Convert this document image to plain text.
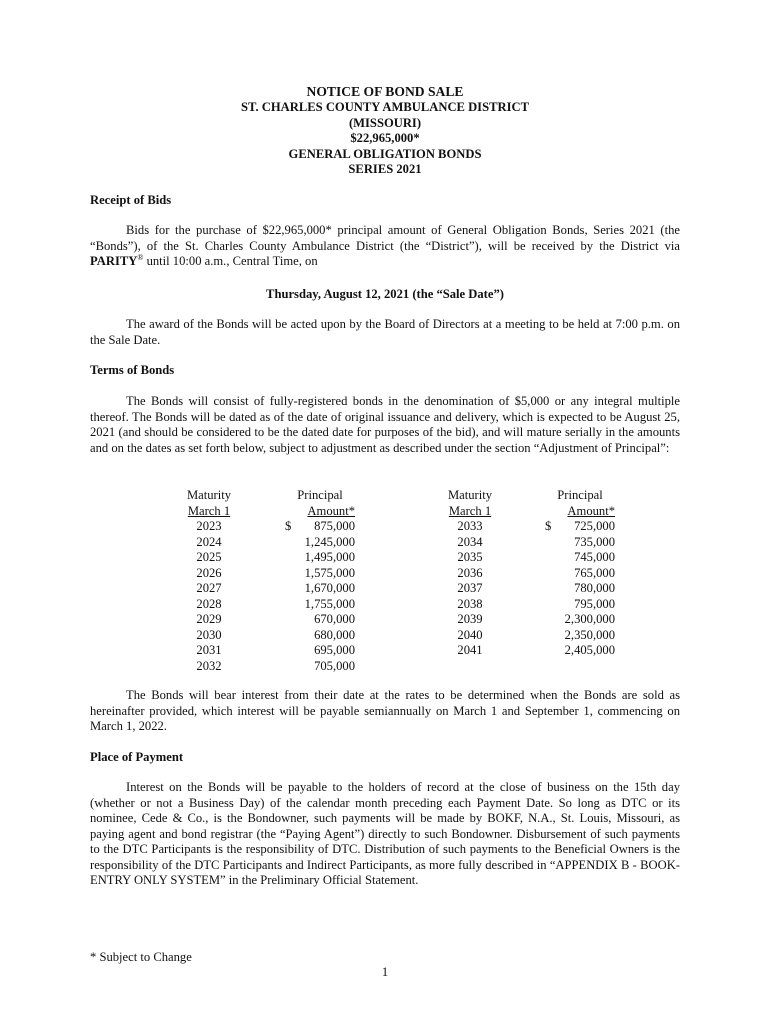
NOTICE OF BOND SALE
ST. CHARLES COUNTY AMBULANCE DISTRICT
(MISSOURI)
$22,965,000*
GENERAL OBLIGATION BONDS
SERIES 2021
Receipt of Bids
Bids for the purchase of $22,965,000* principal amount of General Obligation Bonds, Series 2021 (the “Bonds”), of the St. Charles County Ambulance District (the “District”), will be received by the District via PARITY® until 10:00 a.m., Central Time, on
Thursday, August 12, 2021 (the “Sale Date”)
The award of the Bonds will be acted upon by the Board of Directors at a meeting to be held at 7:00 p.m. on the Sale Date.
Terms of Bonds
The Bonds will consist of fully-registered bonds in the denomination of $5,000 or any integral multiple thereof. The Bonds will be dated as of the date of original issuance and delivery, which is expected to be August 25, 2021 (and should be considered to be the dated date for purposes of the bid), and will mature serially in the amounts and on the dates as set forth below, subject to adjustment as described under the section “Adjustment of Principal”:
Maturity		Principal
March 1		Amount*
2023		$ 875,000

2024		1,245,000
2025		1,495,000
2026		1,575,000
2027		1,670,000
2028		1,755,000
2029		670,000
2030		680,000
2031		695,000
2032		705,000
Maturity		Principal
March 1		Amount*
2033		$ 725,000

2034		735,000
2035		745,000
2036		765,000
2037		780,000
2038		795,000
2039		2,300,000
2040		2,350,000
2041		2,405,000
The Bonds will bear interest from their date at the rates to be determined when the Bonds are sold as hereinafter provided, which interest will be payable semiannually on March 1 and September 1, commencing on March 1, 2022.
Place of Payment
Interest on the Bonds will be payable to the holders of record at the close of business on the 15th day (whether or not a Business Day) of the calendar month preceding each Payment Date. So long as DTC or its nominee, Cede & Co., is the Bondowner, such payments will be made by BOKF, N.A., St. Louis, Missouri, as paying agent and bond registrar (the “Paying Agent”) directly to such Bondowner. Disbursement of such payments to the DTC Participants is the responsibility of DTC. Distribution of such payments to the Beneficial Owners is the responsibility of the DTC Participants and Indirect Participants, as more fully described in “APPENDIX B - BOOK-ENTRY ONLY SYSTEM” in the Preliminary Official Statement.
* Subject to Change
1
